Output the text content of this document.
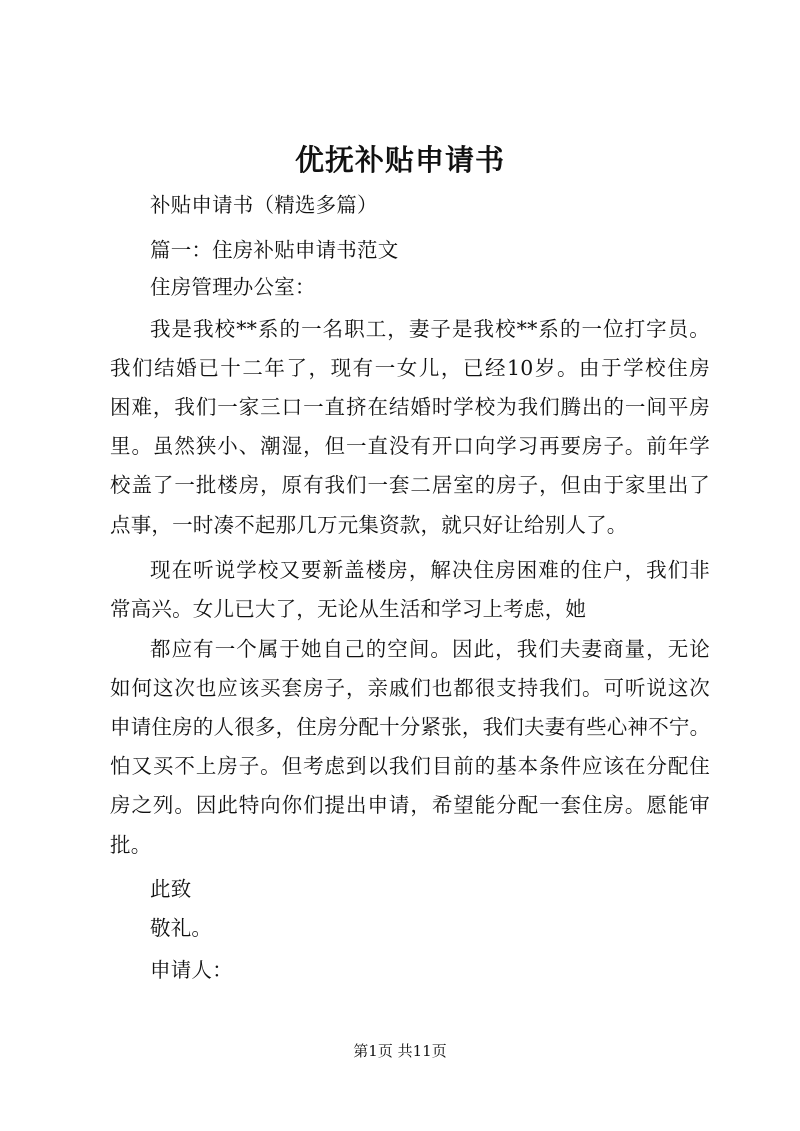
优抚补贴申请书
补贴申请书（精选多篇）
篇一：住房补贴申请书范文
住房管理办公室：
我是我校**系的一名职工，妻子是我校**系的一位打字员。
我们结婚已十二年了，现有一女儿，已经10岁。由于学校住房
困难，我们一家三口一直挤在结婚时学校为我们腾出的一间平房
里。虽然狭小、潮湿，但一直没有开口向学习再要房子。前年学
校盖了一批楼房，原有我们一套二居室的房子，但由于家里出了
点事，一时凑不起那几万元集资款，就只好让给别人了。
现在听说学校又要新盖楼房，解决住房困难的住户，我们非
常高兴。女儿已大了，无论从生活和学习上考虑，她
都应有一个属于她自己的空间。因此，我们夫妻商量，无论
如何这次也应该买套房子，亲戚们也都很支持我们。可听说这次
申请住房的人很多，住房分配十分紧张，我们夫妻有些心神不宁。
怕又买不上房子。但考虑到以我们目前的基本条件应该在分配住
房之列。因此特向你们提出申请，希望能分配一套住房。愿能审
批。
此致
敬礼。
申请人：
第1页 共11页
